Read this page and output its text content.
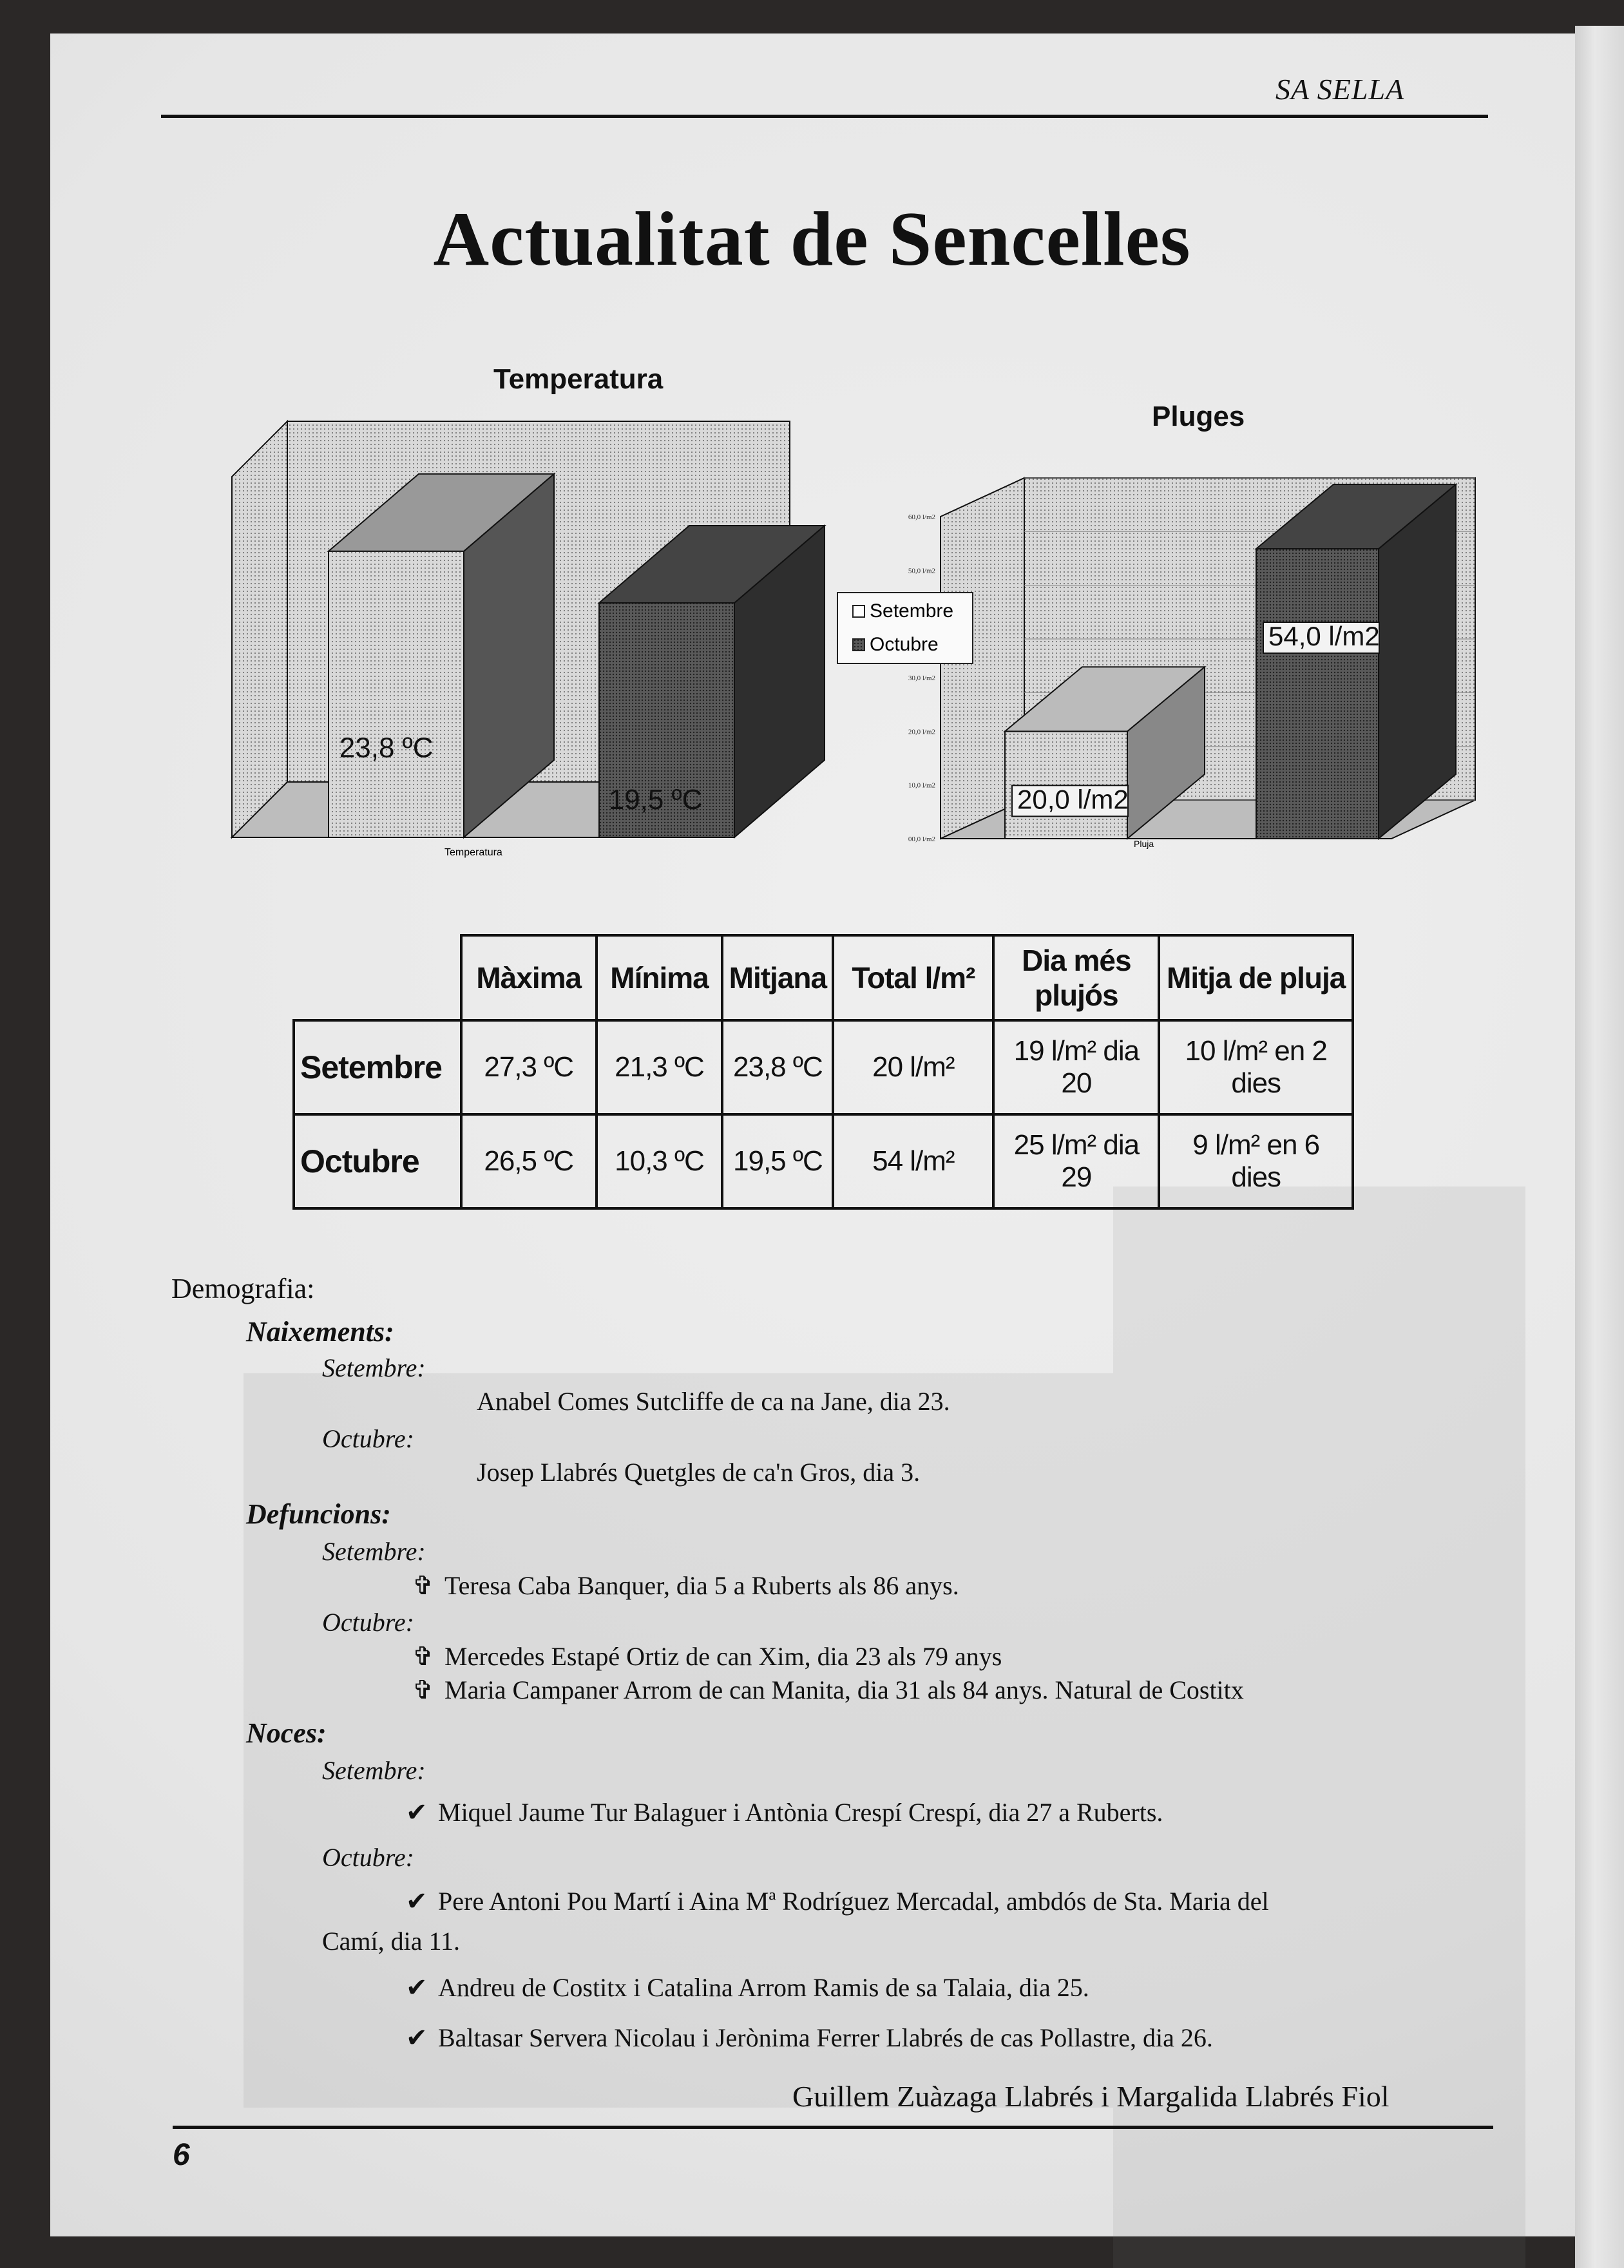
SA SELLA
Actualitat de Sencelles
Temperatura
23,8 ºC
19,5 ºC
Temperatura
Pluges
00,0 l/m2
10,0 l/m2
20,0 l/m2
30,0 l/m2
50,0 l/m2
60,0 l/m2
20,0 l/m2
54,0 l/m2
Pluja
Setembre
Octubre
	Màxima	Mínima	Mitjana	Total l/m²	Dia més plujós	Mitja de pluja
Setembre	27,3 ºC	21,3 ºC	23,8 ºC	20 l/m²	19 l/m² dia 20	10 l/m² en 2 dies
Octubre	26,5 ºC	10,3 ºC	19,5 ºC	54 l/m²	25 l/m² dia 29	9 l/m² en 6 dies
Demografia:
Naixements:
Setembre:
Anabel Comes Sutcliffe de ca na Jane, dia 23.
Octubre:
Josep Llabrés Quetgles de ca'n Gros, dia 3.
Defuncions:
Setembre:
✞ Teresa Caba Banquer, dia 5 a Ruberts als 86 anys.
Octubre:
✞ Mercedes Estapé Ortiz de can Xim, dia 23 als 79 anys
✞ Maria Campaner Arrom de can Manita, dia 31 als 84 anys. Natural de Costitx
Noces:
Setembre:
✔ Miquel Jaume Tur Balaguer i Antònia Crespí Crespí, dia 27 a Ruberts.
Octubre:
✔ Pere Antoni Pou Martí i Aina Mª Rodríguez Mercadal, ambdós de Sta. Maria del
Camí, dia 11.
✔ Andreu de Costitx i Catalina Arrom Ramis de sa Talaia, dia 25.
✔ Baltasar Servera Nicolau i Jerònima Ferrer Llabrés de cas Pollastre, dia 26.
Guillem Zuàzaga Llabrés i Margalida Llabrés Fiol
6
